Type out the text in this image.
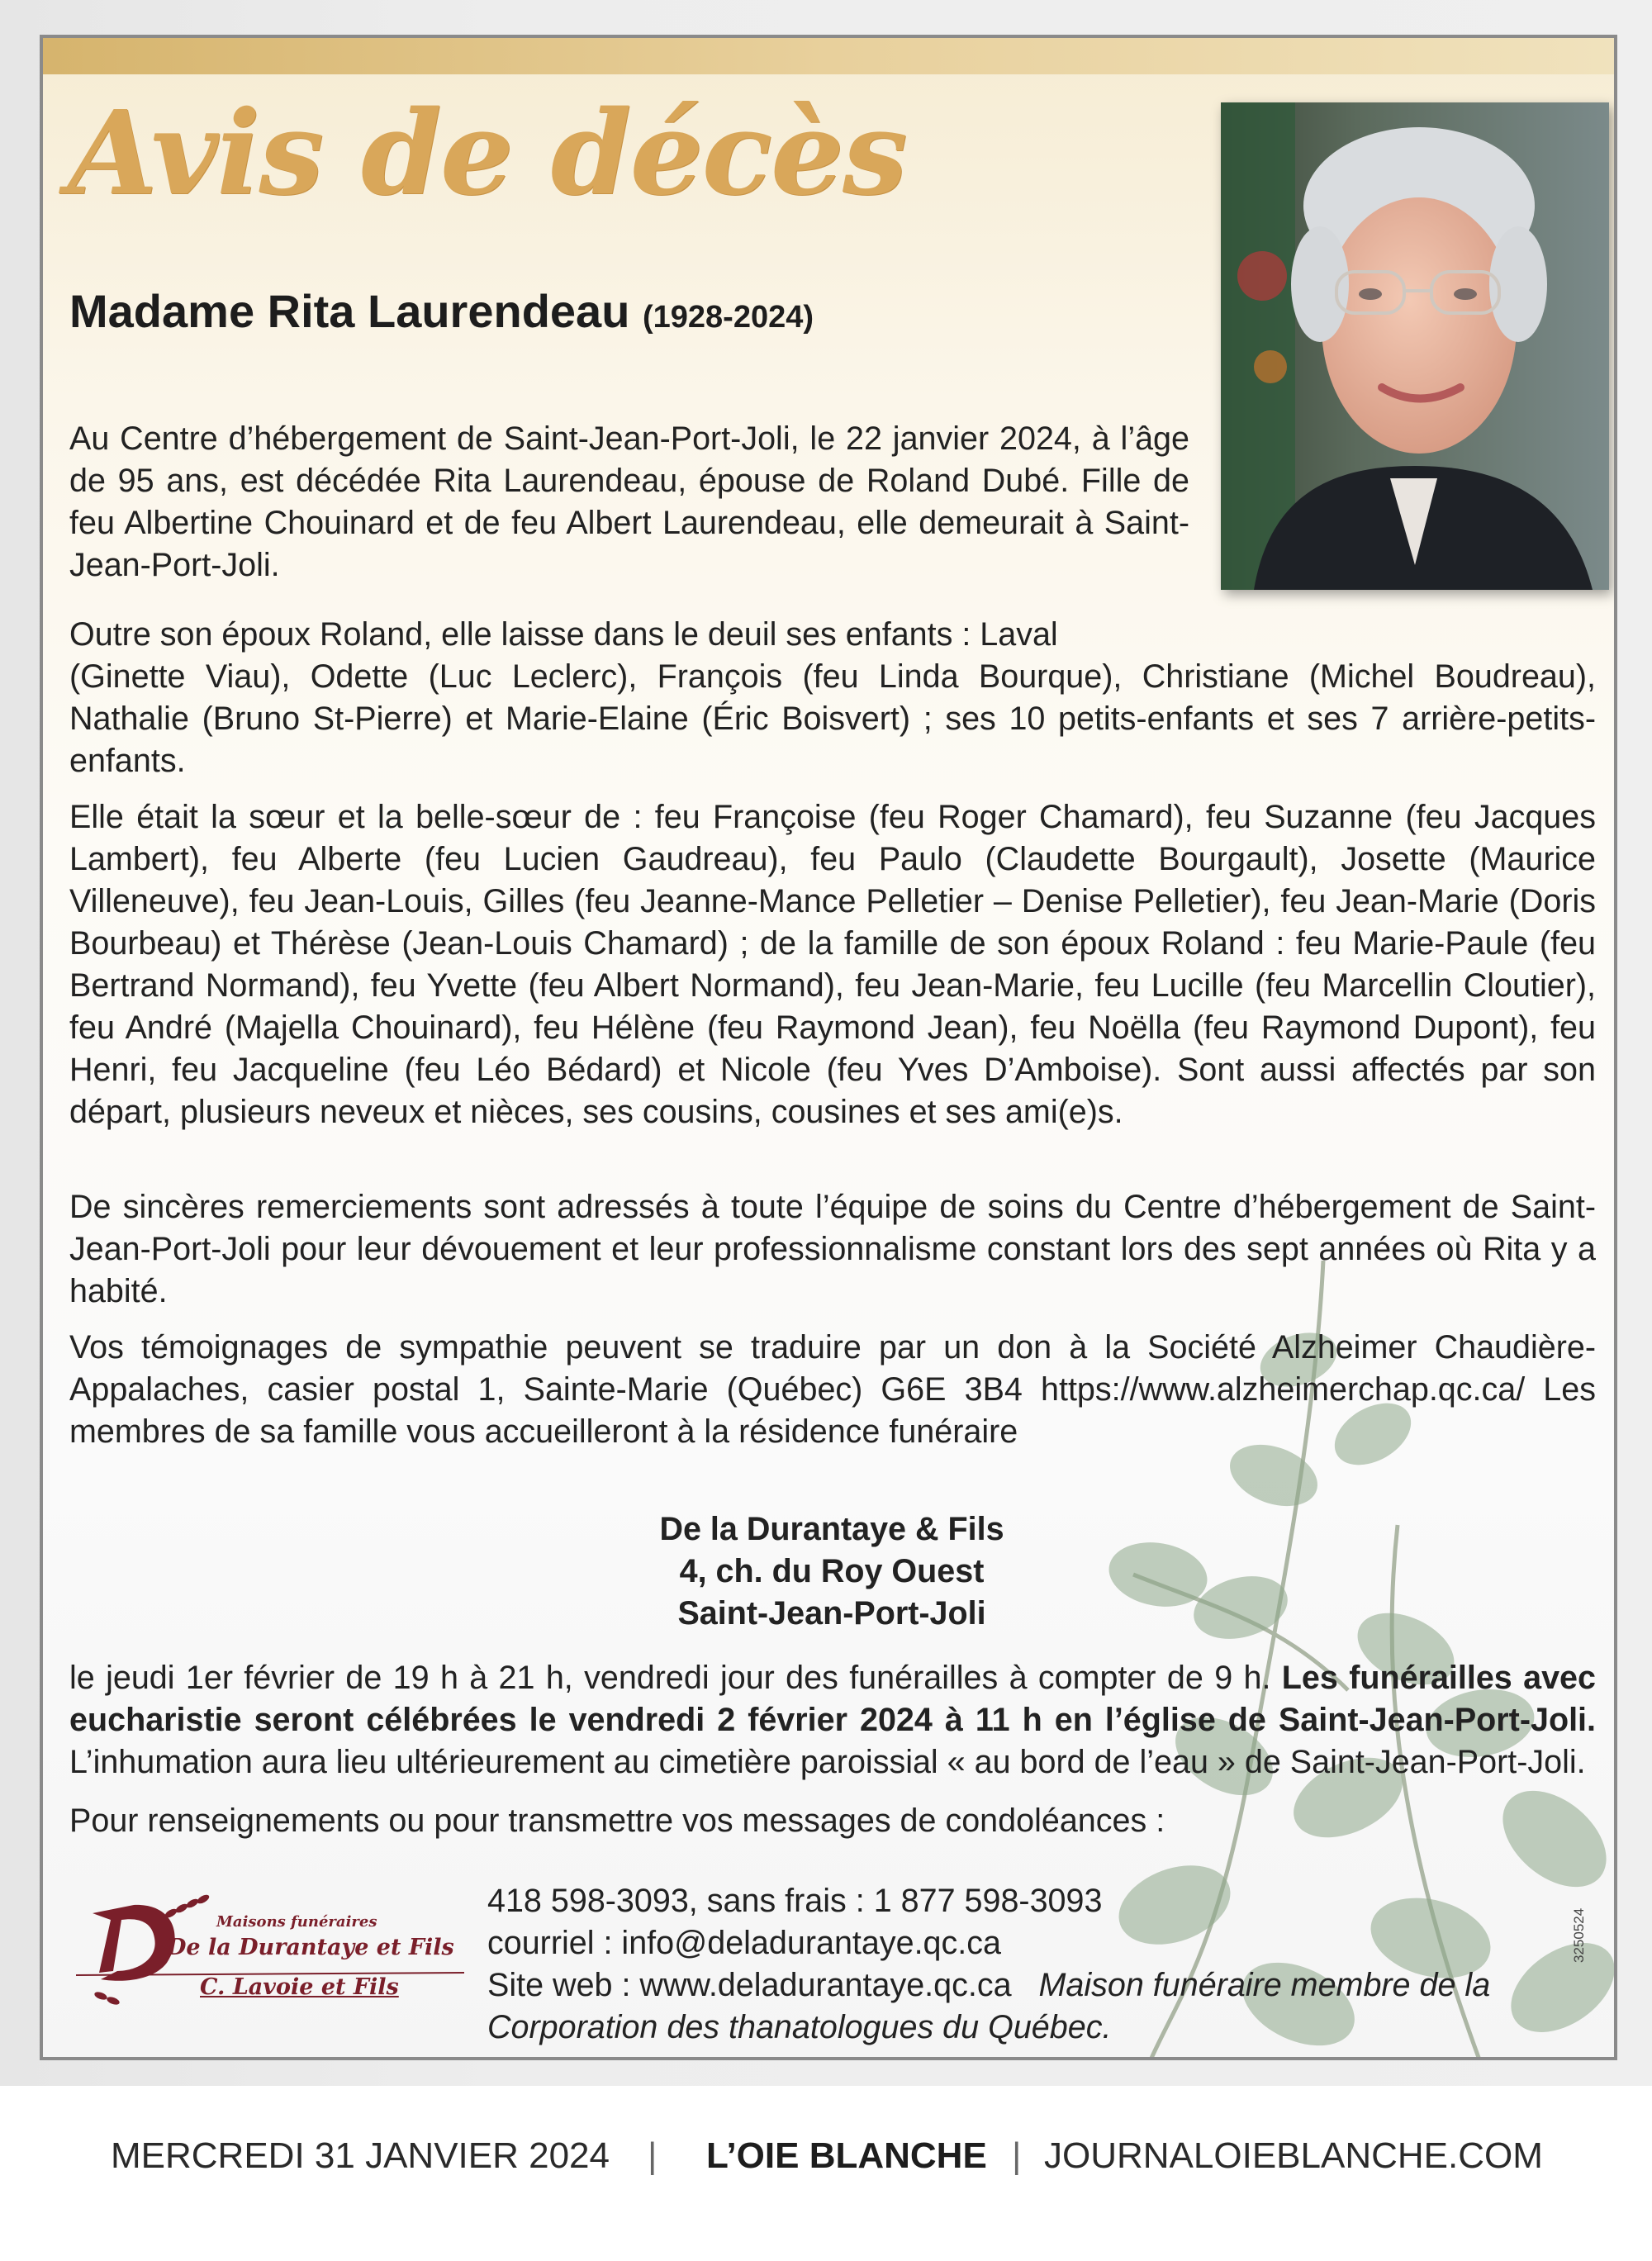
Avis de décès
Madame Rita Laurendeau (1928-2024)

Au Centre d’hébergement de Saint-Jean-Port-Joli, le 22 janvier 2024, à l’âge de 95 ans, est décédée Rita Laurendeau, épouse de Roland Dubé. Fille de feu Albertine Chouinard et de feu Albert Laurendeau, elle demeurait à Saint-Jean-Port-Joli.

Outre son époux Roland, elle laisse dans le deuil ses enfants : Laval

(Ginette Viau), Odette (Luc Leclerc), François (feu Linda Bourque), Christiane (Michel Boudreau), Nathalie (Bruno St-Pierre) et Marie-Elaine (Éric Boisvert) ; ses 10 petits-enfants et ses 7 arrière-petits-enfants.

Elle était la sœur et la belle-sœur de : feu Françoise (feu Roger Chamard), feu Suzanne (feu Jacques Lambert), feu Alberte (feu Lucien Gaudreau), feu Paulo (Claudette Bourgault), Josette (Maurice Villeneuve), feu Jean-Louis, Gilles (feu Jeanne-Mance Pelletier – Denise Pelletier), feu Jean-Marie (Doris Bourbeau) et Thérèse (Jean-Louis Chamard) ; de la famille de son époux Roland : feu Marie-Paule (feu Bertrand Normand), feu Yvette (feu Albert Normand), feu Jean-Marie, feu Lucille (feu Marcellin Cloutier), feu André (Majella Chouinard), feu Hélène (feu Raymond Jean), feu Noëlla (feu Raymond Dupont), feu Henri, feu Jacqueline (feu Léo Bédard) et Nicole (feu Yves D’Amboise). Sont aussi affectés par son départ, plusieurs neveux et nièces, ses cousins, cousines et ses ami(e)s.

De sincères remerciements sont adressés à toute l’équipe de soins du Centre d’hébergement de Saint-Jean-Port-Joli pour leur dévouement et leur professionnalisme constant lors des sept années où Rita y a habité.

Vos témoignages de sympathie peuvent se traduire par un don à la Société Alzheimer Chaudière-Appalaches, casier postal 1, Sainte-Marie (Québec) G6E 3B4 https://www.alzheimerchap.qc.ca/ Les membres de sa famille vous accueilleront à la résidence funéraire

De la Durantaye & Fils
4, ch. du Roy Ouest
Saint-Jean-Port-Joli

le jeudi 1er février de 19 h à 21 h, vendredi jour des funérailles à compter de 9 h. Les funérailles avec eucharistie seront célébrées le vendredi 2 février 2024 à 11 h en l’église de Saint-Jean-Port-Joli. L’inhumation aura lieu ultérieurement au cimetière paroissial « au bord de l’eau » de Saint-Jean-Port-Joli.

Pour renseignements ou pour transmettre vos messages de condoléances :

Maisons funéraires
De la Durantaye et Fils
C. Lavoie et Fils
418 598-3093, sans frais : 1 877 598-3093
courriel : info@deladurantaye.qc.ca
Site web : www.deladurantaye.qc.ca Maison funéraire membre de la Corporation des thanatologues du Québec.
3250524
MERCREDI 31 JANVIER 2024 | L’OIE BLANCHE | JOURNALOIEBLANCHE.COM
